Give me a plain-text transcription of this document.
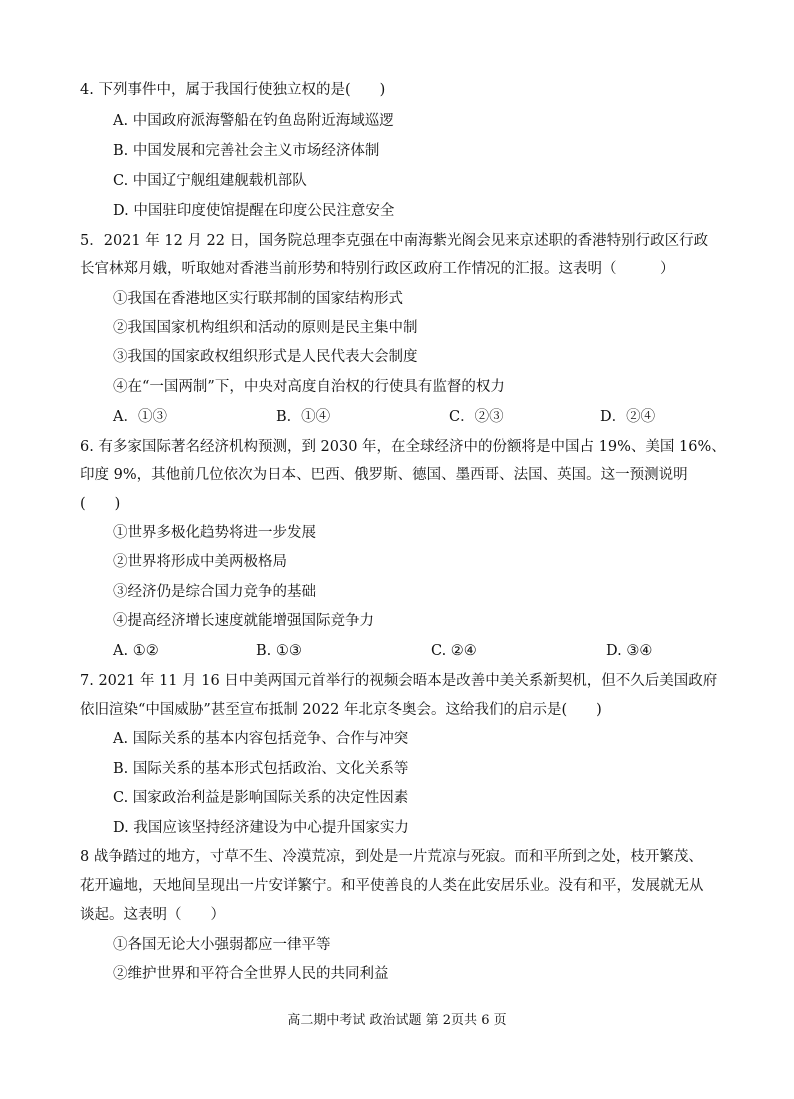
4. 下列事件中，属于我国行使独立权的是(　　)
A. 中国政府派海警船在钓鱼岛附近海域巡逻
B. 中国发展和完善社会主义市场经济体制
C. 中国辽宁舰组建舰载机部队
D. 中国驻印度使馆提醒在印度公民注意安全
5．2021 年 12 月 22 日，国务院总理李克强在中南海紫光阁会见来京述职的香港特别行政区行政
长官林郑月娥，听取她对香港当前形势和特别行政区政府工作情况的汇报。这表明（　　　）
①我国在香港地区实行联邦制的国家结构形式
②我国国家机构组织和活动的原则是民主集中制
③我国的国家政权组织形式是人民代表大会制度
④在“一国两制”下，中央对高度自治权的行使具有监督的权力
A．①③	B．①④	C．②③	D．②④
6. 有多家国际著名经济机构预测，到 2030 年，在全球经济中的份额将是中国占 19%、美国 16%、
印度 9%，其他前几位依次为日本、巴西、俄罗斯、德国、墨西哥、法国、英国。这一预测说明
(　　)
①世界多极化趋势将进一步发展
②世界将形成中美两极格局
③经济仍是综合国力竞争的基础
④提高经济增长速度就能增强国际竞争力
A. ①②	B. ①③	C. ②④	D. ③④
7. 2021 年 11 月 16 日中美两国元首举行的视频会晤本是改善中美关系新契机，但不久后美国政府
依旧渲染“中国威胁”甚至宣布抵制 2022 年北京冬奥会。这给我们的启示是(　　)
A. 国际关系的基本内容包括竞争、合作与冲突
B. 国际关系的基本形式包括政治、文化关系等
C. 国家政治利益是影响国际关系的决定性因素
D. 我国应该坚持经济建设为中心提升国家实力
8 战争踏过的地方，寸草不生、冷漠荒凉，到处是一片荒凉与死寂。而和平所到之处，枝开繁茂、
花开遍地，天地间呈现出一片安详繁宁。和平使善良的人类在此安居乐业。没有和平，发展就无从
谈起。这表明（　　）
①各国无论大小强弱都应一律平等
②维护世界和平符合全世界人民的共同利益
高二期中考试 政治试题 第 2页共 6 页
